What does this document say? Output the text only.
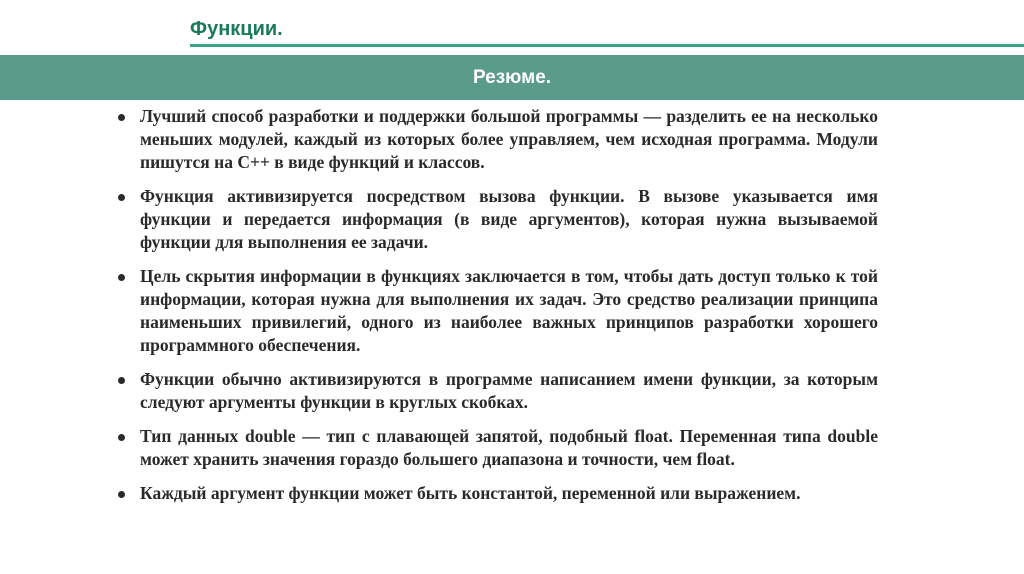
Функции.
Резюме.
Лучший способ разработки и поддержки большой программы — разделить ее на несколько меньших модулей, каждый из которых более управляем, чем исходная программа. Модули пишутся на C++ в виде функций и классов.
Функция активизируется посредством вызова функции. В вызове указывается имя функции и передается информация (в виде аргументов), которая нужна вызываемой функции для выполнения ее задачи.
Цель скрытия информации в функциях заключается в том, чтобы дать доступ только к той информации, которая нужна для выполнения их задач. Это средство реализации принципа наименьших привилегий, одного из наиболее важных принципов разработки хорошего программного обеспечения.
Функции обычно активизируются в программе написанием имени функции, за которым следуют аргументы функции в круглых скобках.
Тип данных double — тип с плавающей запятой, подобный float. Переменная типа double может хранить значения гораздо большего диапазона и точности, чем float.
Каждый аргумент функции может быть константой, переменной или выражением.
